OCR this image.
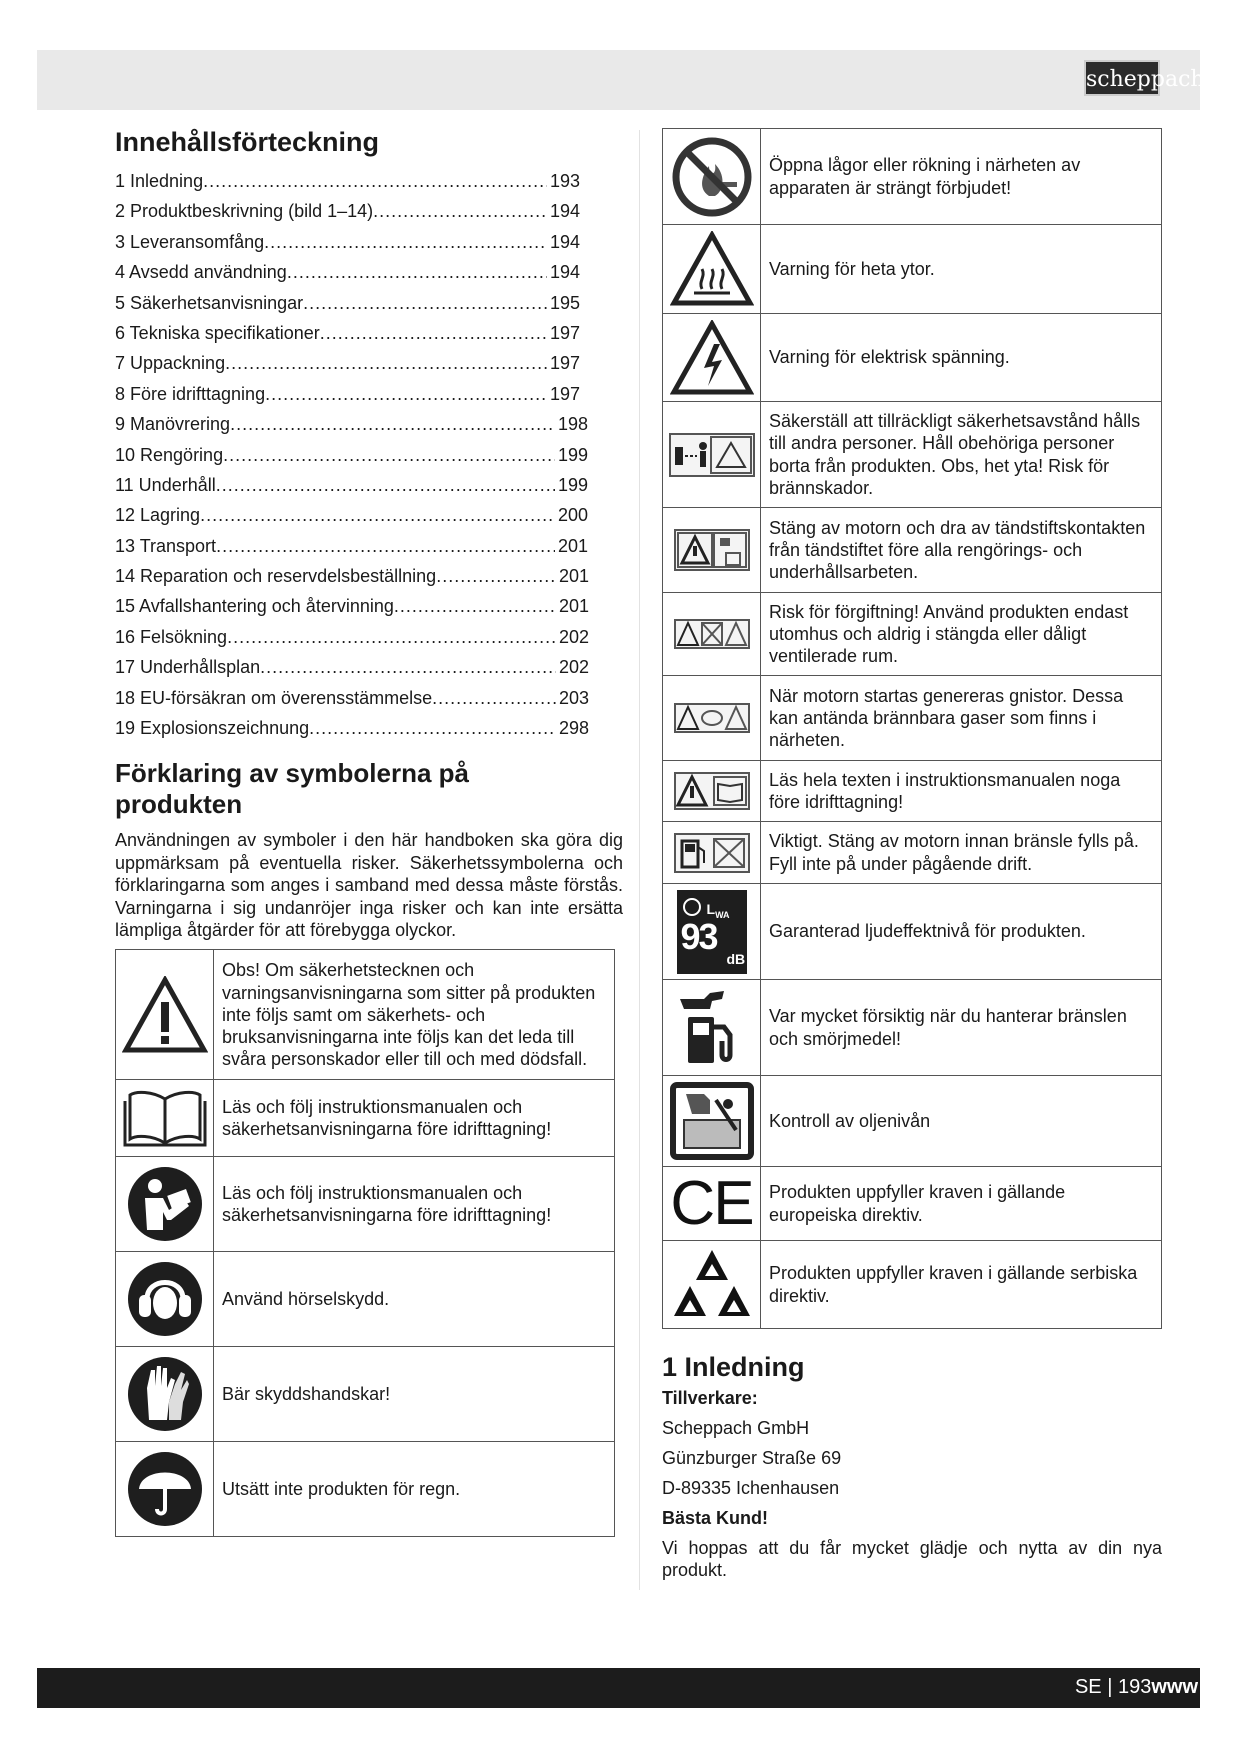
scheppach
Innehållsförteckning
1 Inledning .....	193
2 Produktbeskrivning (bild 1–14) .....	194
3 Leveransomfång .....	194
4 Avsedd användning .....	194
5 Säkerhetsanvisningar .....	195
6 Tekniska specifikationer .....	197
7 Uppackning .....	197
8 Före idrifttagning .....	197
9 Manövrering .....	198
10 Rengöring .....	199
11 Underhåll .....	199
12 Lagring .....	200
13 Transport .....	201
14 Reparation och reservdelsbeställning .....	201
15 Avfallshantering och återvinning .....	201
16 Felsökning .....	202
17 Underhållsplan .....	202
18 EU-försäkran om överensstämmelse .....	203
19 Explosionszeichnung .....	298
Förklaring av symbolerna på
produkten
Användningen av symboler i den här handboken ska göra dig uppmärksam på eventuella risker. Säkerhetssymbolerna och förklaringarna som anges i samband med dessa måste förstås. Varningarna i sig undanröjer inga risker och kan inte ersätta lämpliga åtgärder för att förebygga olyckor.
	Obs! Om säkerhetstecknen och varningsanvisningarna som sitter på produkten inte följs samt om säkerhets- och bruksanvisningarna inte följs kan det leda till svåra personskador eller till och med dödsfall.

	Läs och följ instruktionsmanualen och säkerhetsanvisningarna före idrifttagning!

	Läs och följ instruktionsmanualen och säkerhetsanvisningarna före idrifttagning!

	Använd hörselskydd.

	Bär skyddshandskar!

	Utsätt inte produkten för regn.
	Öppna lågor eller rökning i närheten av apparaten är strängt förbjudet!

	Varning för heta ytor.

	Varning för elektrisk spänning.

	Säkerställ att tillräckligt säkerhetsavstånd hålls till andra personer. Håll obehöriga personer borta från produkten. Obs, het yta! Risk för brännskador.

	Stäng av motorn och dra av tändstiftskontakten från tändstiftet före alla rengörings- och underhållsarbeten.

	Risk för förgiftning! Använd produkten endast utomhus och aldrig i stängda eller dåligt ventilerade rum.

	När motorn startas genereras gnistor. Dessa kan antända brännbara gaser som finns i närheten.

	Läs hela texten i instruktionsmanualen noga före idrifttagning!

	Viktigt. Stäng av motorn innan bränsle fylls på. Fyll inte på under pågående drift.

$L_{WA}$
93
dB	Garanterad ljudeffektnivå för produkten.

	Var mycket försiktig när du hanterar bränslen och smörjmedel!

	Kontroll av oljenivån

CE	Produkten uppfyller kraven i gällande europeiska direktiv.

	Produkten uppfyller kraven i gällande serbiska direktiv.
1 Inledning

Tillverkare:

Scheppach GmbH

Günzburger Straße 69

D-89335 Ichenhausen

Bästa Kund!

Vi hoppas att du får mycket glädje och nytta av din nya produkt.

SE | 193www
